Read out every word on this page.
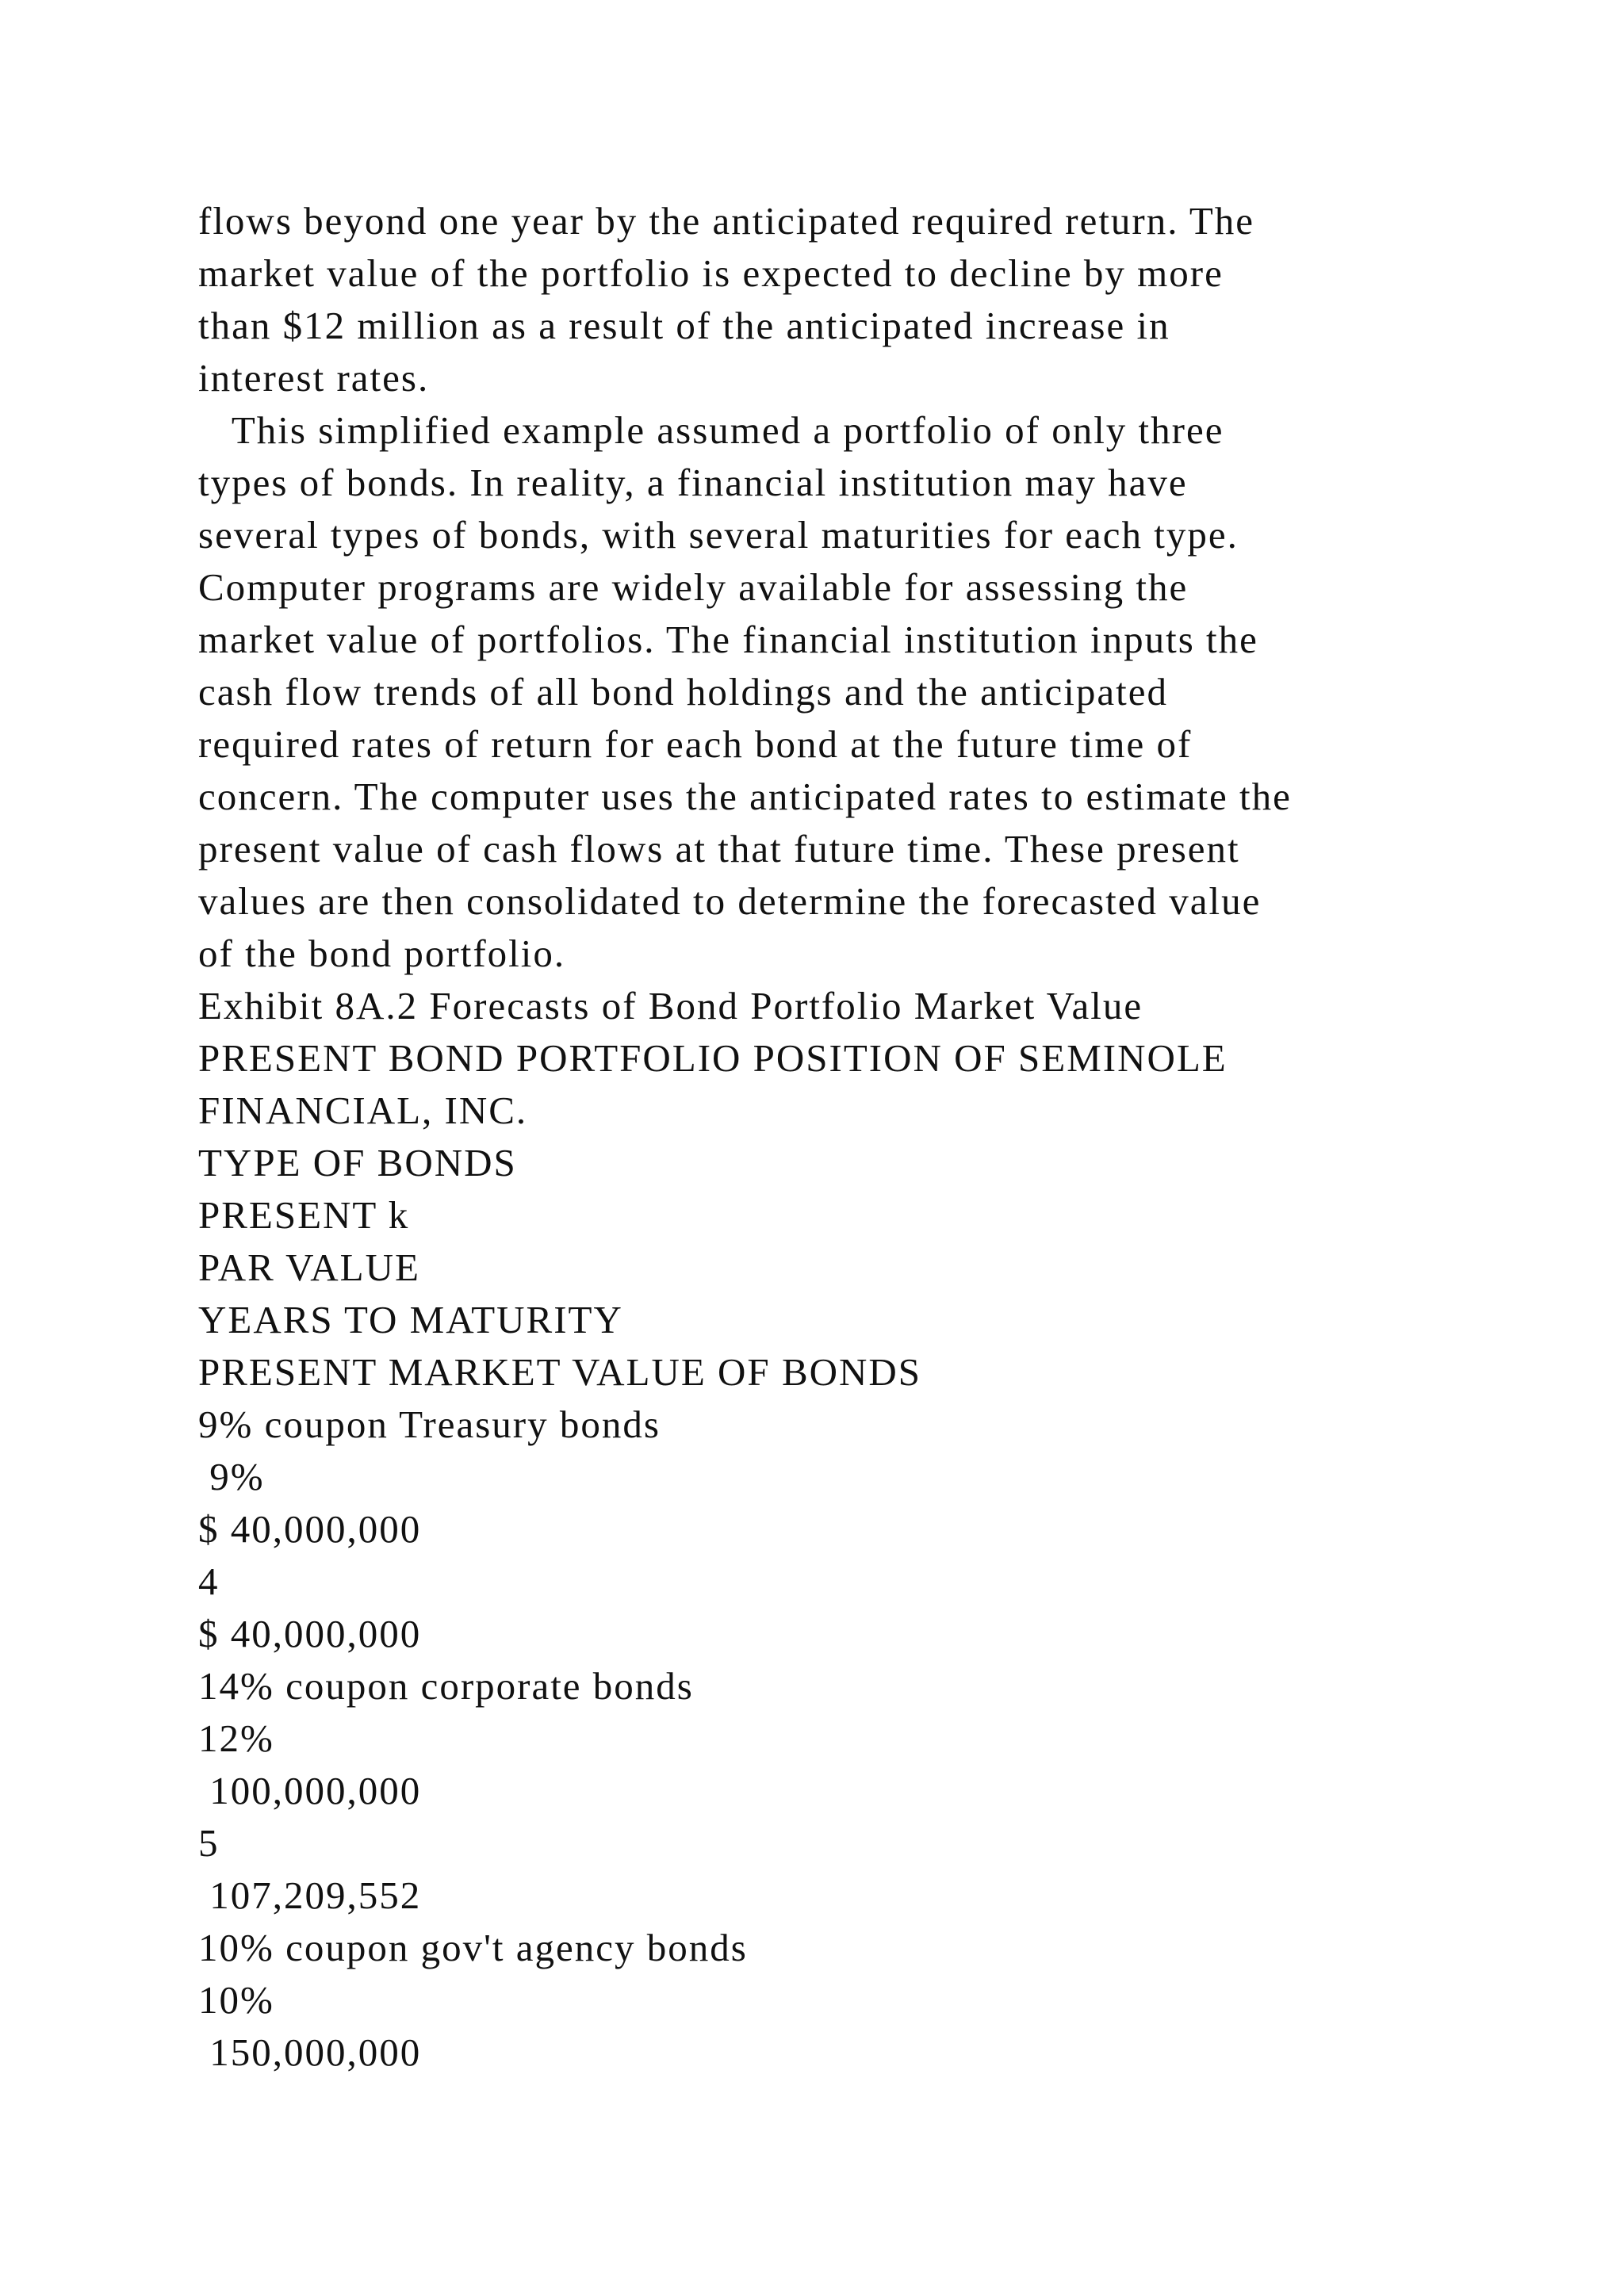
flows beyond one year by the anticipated required return. The
market value of the portfolio is expected to decline by more
than $12 million as a result of the anticipated increase in
interest rates.
This simplified example assumed a portfolio of only three
types of bonds. In reality, a financial institution may have
several types of bonds, with several maturities for each type.
Computer programs are widely available for assessing the
market value of portfolios. The financial institution inputs the
cash flow trends of all bond holdings and the anticipated
required rates of return for each bond at the future time of
concern. The computer uses the anticipated rates to estimate the
present value of cash flows at that future time. These present
values are then consolidated to determine the forecasted value
of the bond portfolio.
Exhibit 8A.2 Forecasts of Bond Portfolio Market Value
PRESENT BOND PORTFOLIO POSITION OF SEMINOLE
FINANCIAL, INC.
TYPE OF BONDS
PRESENT k
PAR VALUE
YEARS TO MATURITY
PRESENT MARKET VALUE OF BONDS
9% coupon Treasury bonds
9%
$ 40,000,000
4
$ 40,000,000
14% coupon corporate bonds
12%
100,000,000
5
107,209,552
10% coupon gov't agency bonds
10%
150,000,000
